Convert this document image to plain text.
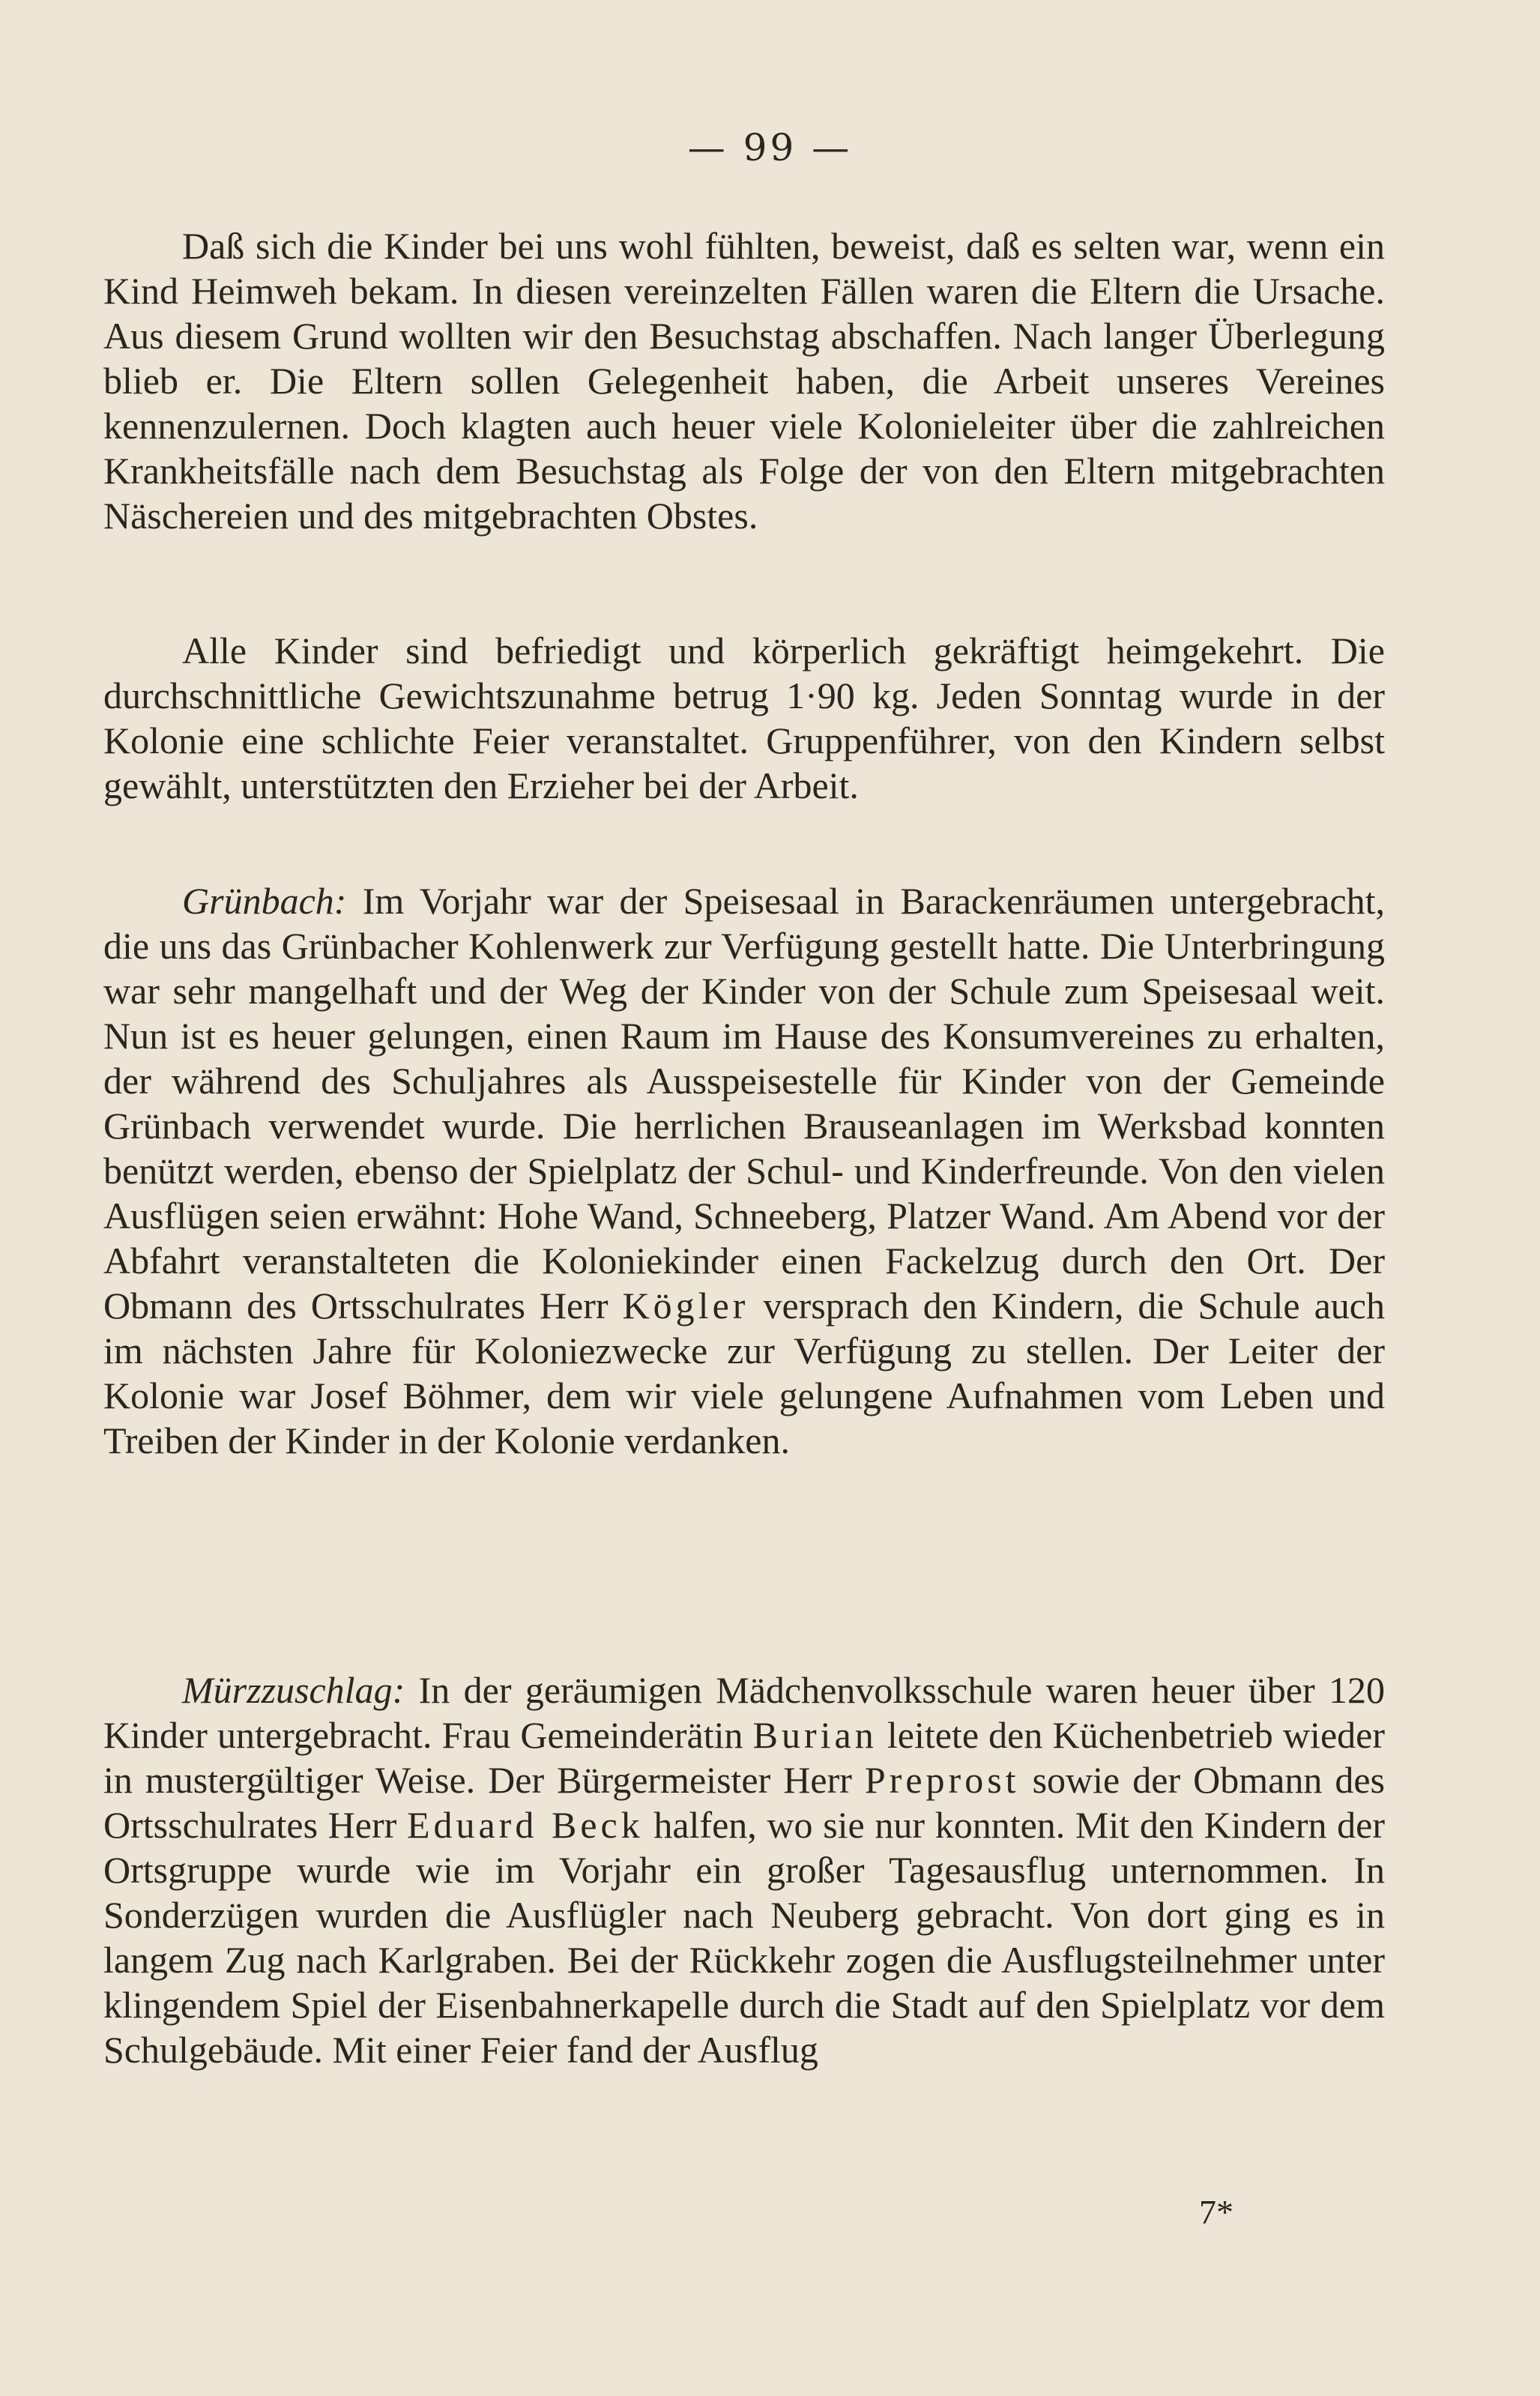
— 99 —

Daß sich die Kinder bei uns wohl fühlten, beweist, daß es selten war, wenn ein Kind Heimweh bekam. In diesen vereinzelten Fällen waren die Eltern die Ursache. Aus diesem Grund wollten wir den Besuchstag abschaffen. Nach langer Überlegung blieb er. Die Eltern sollen Gelegenheit haben, die Arbeit unseres Vereines kennenzulernen. Doch klagten auch heuer viele Kolonieleiter über die zahlreichen Krankheitsfälle nach dem Besuchstag als Folge der von den Eltern mitgebrachten Näschereien und des mitgebrachten Obstes.

Alle Kinder sind befriedigt und körperlich gekräftigt heimgekehrt. Die durchschnittliche Gewichtszunahme betrug 1·90 kg. Jeden Sonntag wurde in der Kolonie eine schlichte Feier veranstaltet. Gruppenführer, von den Kindern selbst gewählt, unterstützten den Erzieher bei der Arbeit.

Grünbach: Im Vorjahr war der Speisesaal in Barackenräumen untergebracht, die uns das Grünbacher Kohlenwerk zur Verfügung gestellt hatte. Die Unterbringung war sehr mangelhaft und der Weg der Kinder von der Schule zum Speisesaal weit. Nun ist es heuer gelungen, einen Raum im Hause des Konsumvereines zu erhalten, der während des Schuljahres als Ausspeisestelle für Kinder von der Gemeinde Grünbach verwendet wurde. Die herrlichen Brauseanlagen im Werksbad konnten benützt werden, ebenso der Spielplatz der Schul- und Kinderfreunde. Von den vielen Ausflügen seien erwähnt: Hohe Wand, Schneeberg, Platzer Wand. Am Abend vor der Abfahrt veranstalteten die Koloniekinder einen Fackelzug durch den Ort. Der Obmann des Ortsschulrates Herr Kögler versprach den Kindern, die Schule auch im nächsten Jahre für Koloniezwecke zur Verfügung zu stellen. Der Leiter der Kolonie war Josef Böhmer, dem wir viele gelungene Aufnahmen vom Leben und Treiben der Kinder in der Kolonie verdanken.

Mürzzuschlag: In der geräumigen Mädchenvolksschule waren heuer über 120 Kinder untergebracht. Frau Gemeinderätin Burian leitete den Küchenbetrieb wieder in mustergültiger Weise. Der Bürgermeister Herr Preprost sowie der Obmann des Ortsschulrates Herr Eduard Beck halfen, wo sie nur konnten. Mit den Kindern der Ortsgruppe wurde wie im Vorjahr ein großer Tagesausflug unternommen. In Sonderzügen wurden die Ausflügler nach Neuberg gebracht. Von dort ging es in langem Zug nach Karlgraben. Bei der Rückkehr zogen die Ausflugsteilnehmer unter klingendem Spiel der Eisenbahnerkapelle durch die Stadt auf den Spielplatz vor dem Schulgebäude. Mit einer Feier fand der Ausflug

7*
